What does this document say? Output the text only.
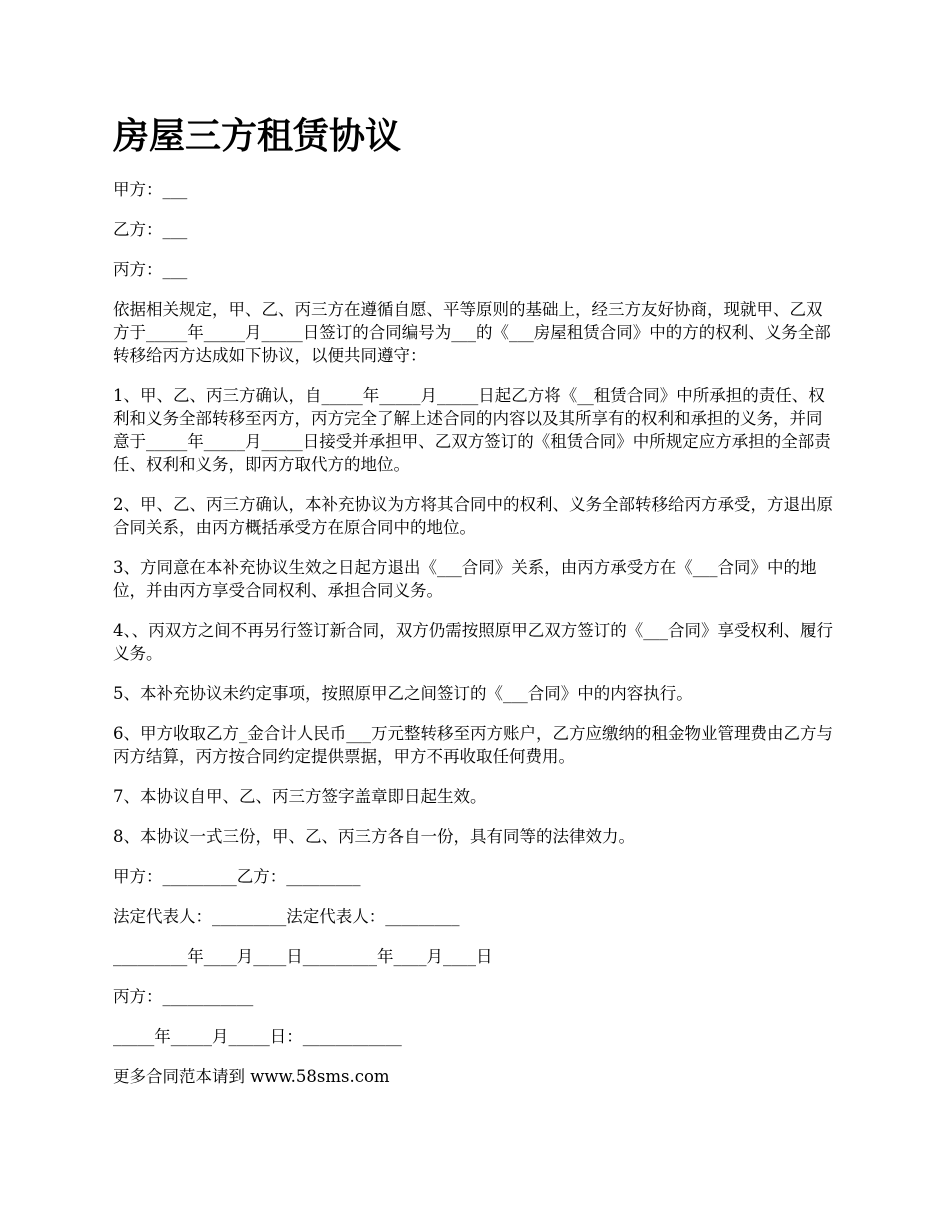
房屋三方租赁协议

甲方：___

乙方：___

丙方：___

依据相关规定，甲、乙、丙三方在遵循自愿、平等原则的基础上，经三方友好协商，现就甲、乙双方于_____年_____月_____日签订的合同编号为___的《___房屋租赁合同》中的方的权利、义务全部转移给丙方达成如下协议，以便共同遵守：

1、甲、乙、丙三方确认，自_____年_____月_____日起乙方将《__租赁合同》中所承担的责任、权利和义务全部转移至丙方，丙方完全了解上述合同的内容以及其所享有的权利和承担的义务，并同意于_____年_____月_____日接受并承担甲、乙双方签订的《租赁合同》中所规定应方承担的全部责任、权利和义务，即丙方取代方的地位。

2、甲、乙、丙三方确认，本补充协议为方将其合同中的权利、义务全部转移给丙方承受，方退出原合同关系，由丙方概括承受方在原合同中的地位。

3、方同意在本补充协议生效之日起方退出《___合同》关系，由丙方承受方在《___合同》中的地位，并由丙方享受合同权利、承担合同义务。

4、、丙双方之间不再另行签订新合同，双方仍需按照原甲乙双方签订的《___合同》享受权利、履行义务。

5、本补充协议未约定事项，按照原甲乙之间签订的《___合同》中的内容执行。

6、甲方收取乙方_金合计人民币___万元整转移至丙方账户，乙方应缴纳的租金物业管理费由乙方与丙方结算，丙方按合同约定提供票据，甲方不再收取任何费用。

7、本协议自甲、乙、丙三方签字盖章即日起生效。

8、本协议一式三份，甲、乙、丙三方各自一份，具有同等的法律效力。

甲方：_________乙方：_________

法定代表人：_________法定代表人：_________

_________年____月____日_________年____月____日

丙方：___________

_____年_____月_____日：____________

更多合同范本请到 www.58sms.com
